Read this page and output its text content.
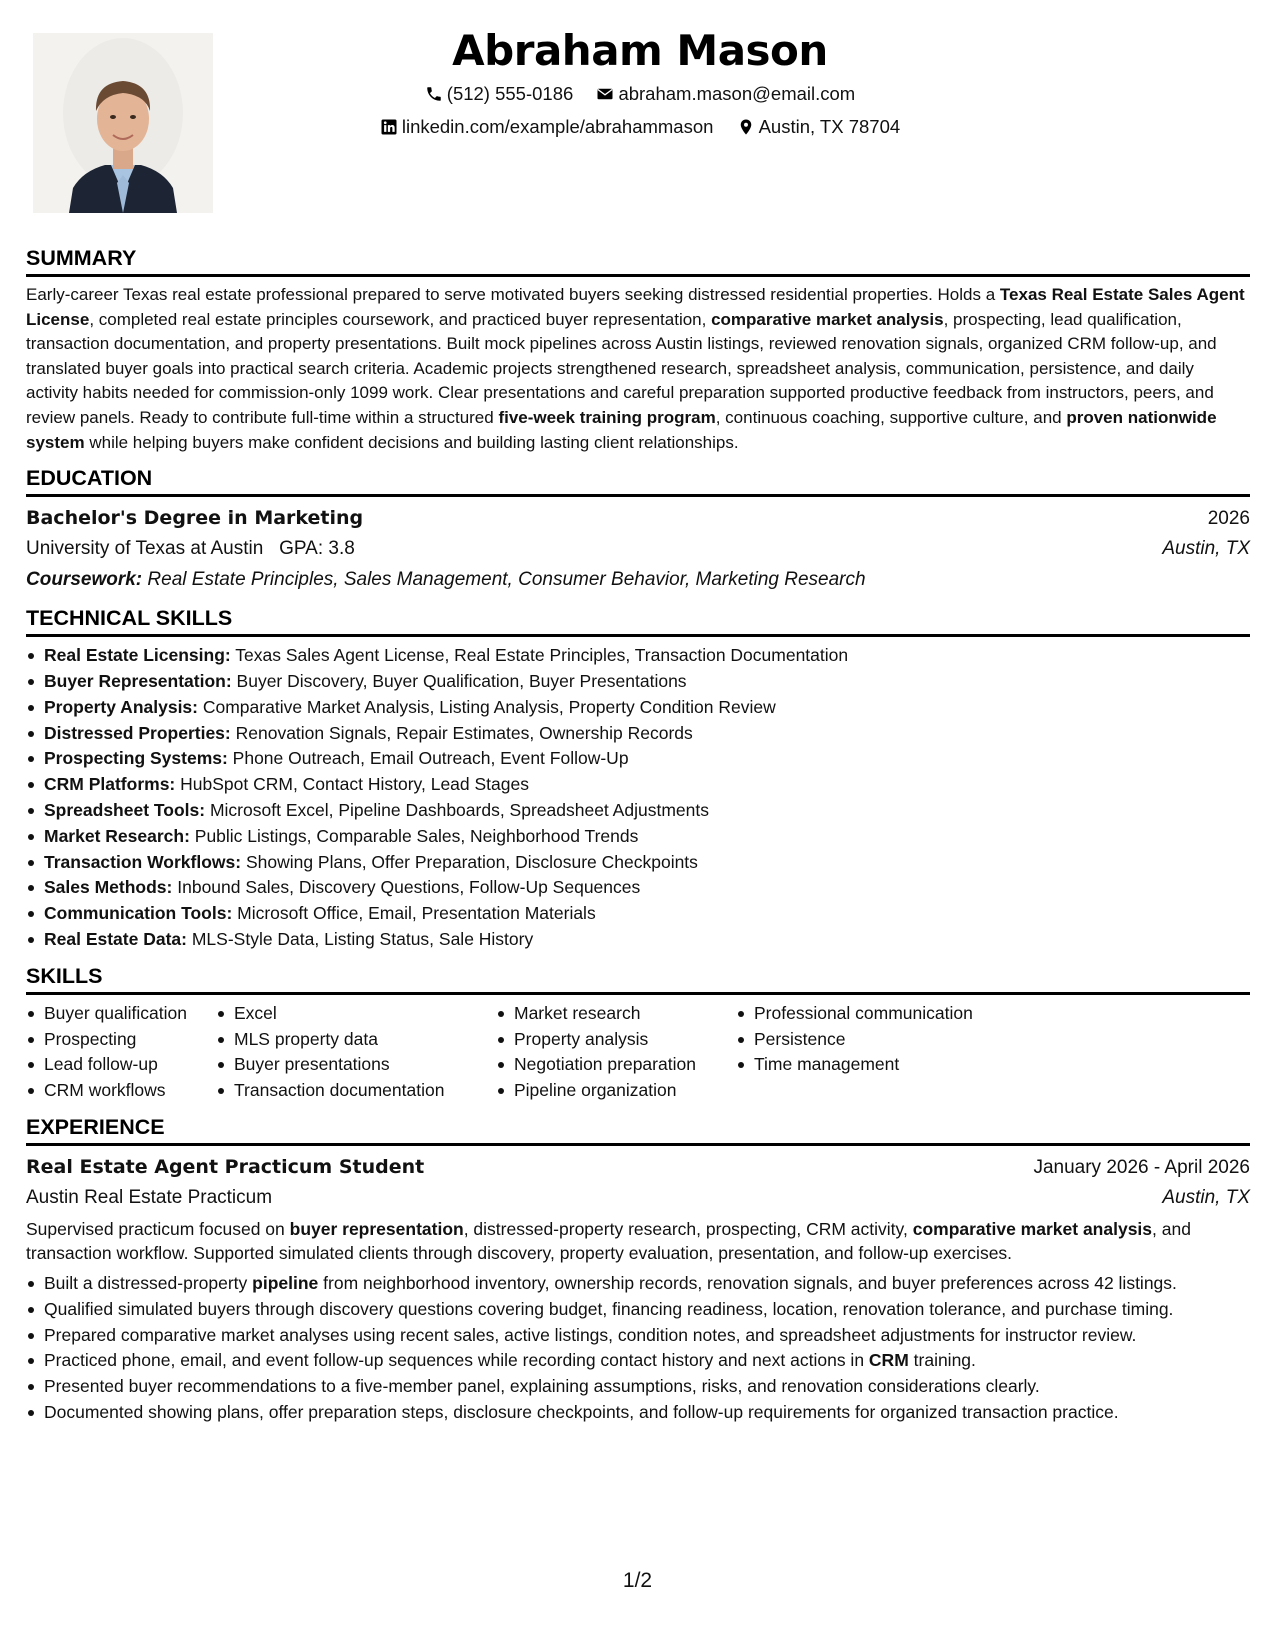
Abraham Mason
(512) 555-0186
abraham.mason@email.com
linkedin.com/example/abrahammason
Austin, TX 78704
SUMMARY

Early-career Texas real estate professional prepared to serve motivated buyers seeking distressed residential properties. Holds a Texas Real Estate Sales Agent License, completed real estate principles coursework, and practiced buyer representation, comparative market analysis, prospecting, lead qualification, transaction documentation, and property presentations. Built mock pipelines across Austin listings, reviewed renovation signals, organized CRM follow-up, and translated buyer goals into practical search criteria. Academic projects strengthened research, spreadsheet analysis, communication, persistence, and daily activity habits needed for commission-only 1099 work. Clear presentations and careful preparation supported productive feedback from instructors, peers, and review panels. Ready to contribute full-time within a structured five-week training program, continuous coaching, supportive culture, and proven nationwide system while helping buyers make confident decisions and building lasting client relationships.

EDUCATION
Bachelor's Degree in Marketing	2026
University of Texas at Austin GPA: 3.8	Austin, TX
Coursework: Real Estate Principles, Sales Management, Consumer Behavior, Marketing Research
TECHNICAL SKILLS
Real Estate Licensing: Texas Sales Agent License, Real Estate Principles, Transaction Documentation
Buyer Representation: Buyer Discovery, Buyer Qualification, Buyer Presentations
Property Analysis: Comparative Market Analysis, Listing Analysis, Property Condition Review
Distressed Properties: Renovation Signals, Repair Estimates, Ownership Records
Prospecting Systems: Phone Outreach, Email Outreach, Event Follow-Up
CRM Platforms: HubSpot CRM, Contact History, Lead Stages
Spreadsheet Tools: Microsoft Excel, Pipeline Dashboards, Spreadsheet Adjustments
Market Research: Public Listings, Comparable Sales, Neighborhood Trends
Transaction Workflows: Showing Plans, Offer Preparation, Disclosure Checkpoints
Sales Methods: Inbound Sales, Discovery Questions, Follow-Up Sequences
Communication Tools: Microsoft Office, Email, Presentation Materials
Real Estate Data: MLS-Style Data, Listing Status, Sale History
SKILLS
Buyer qualification
Prospecting
Lead follow-up
CRM workflows
Excel
MLS property data
Buyer presentations
Transaction documentation
Market research
Property analysis
Negotiation preparation
Pipeline organization
Professional communication
Persistence
Time management
EXPERIENCE
Real Estate Agent Practicum Student	January 2026 - April 2026
Austin Real Estate Practicum	Austin, TX

Supervised practicum focused on buyer representation, distressed-property research, prospecting, CRM activity, comparative market analysis, and transaction workflow. Supported simulated clients through discovery, property evaluation, presentation, and follow-up exercises.

Built a distressed-property pipeline from neighborhood inventory, ownership records, renovation signals, and buyer preferences across 42 listings.
Qualified simulated buyers through discovery questions covering budget, financing readiness, location, renovation tolerance, and purchase timing.
Prepared comparative market analyses using recent sales, active listings, condition notes, and spreadsheet adjustments for instructor review.
Practiced phone, email, and event follow-up sequences while recording contact history and next actions in CRM training.
Presented buyer recommendations to a five-member panel, explaining assumptions, risks, and renovation considerations clearly.
Documented showing plans, offer preparation steps, disclosure checkpoints, and follow-up requirements for organized transaction practice.
1/2
